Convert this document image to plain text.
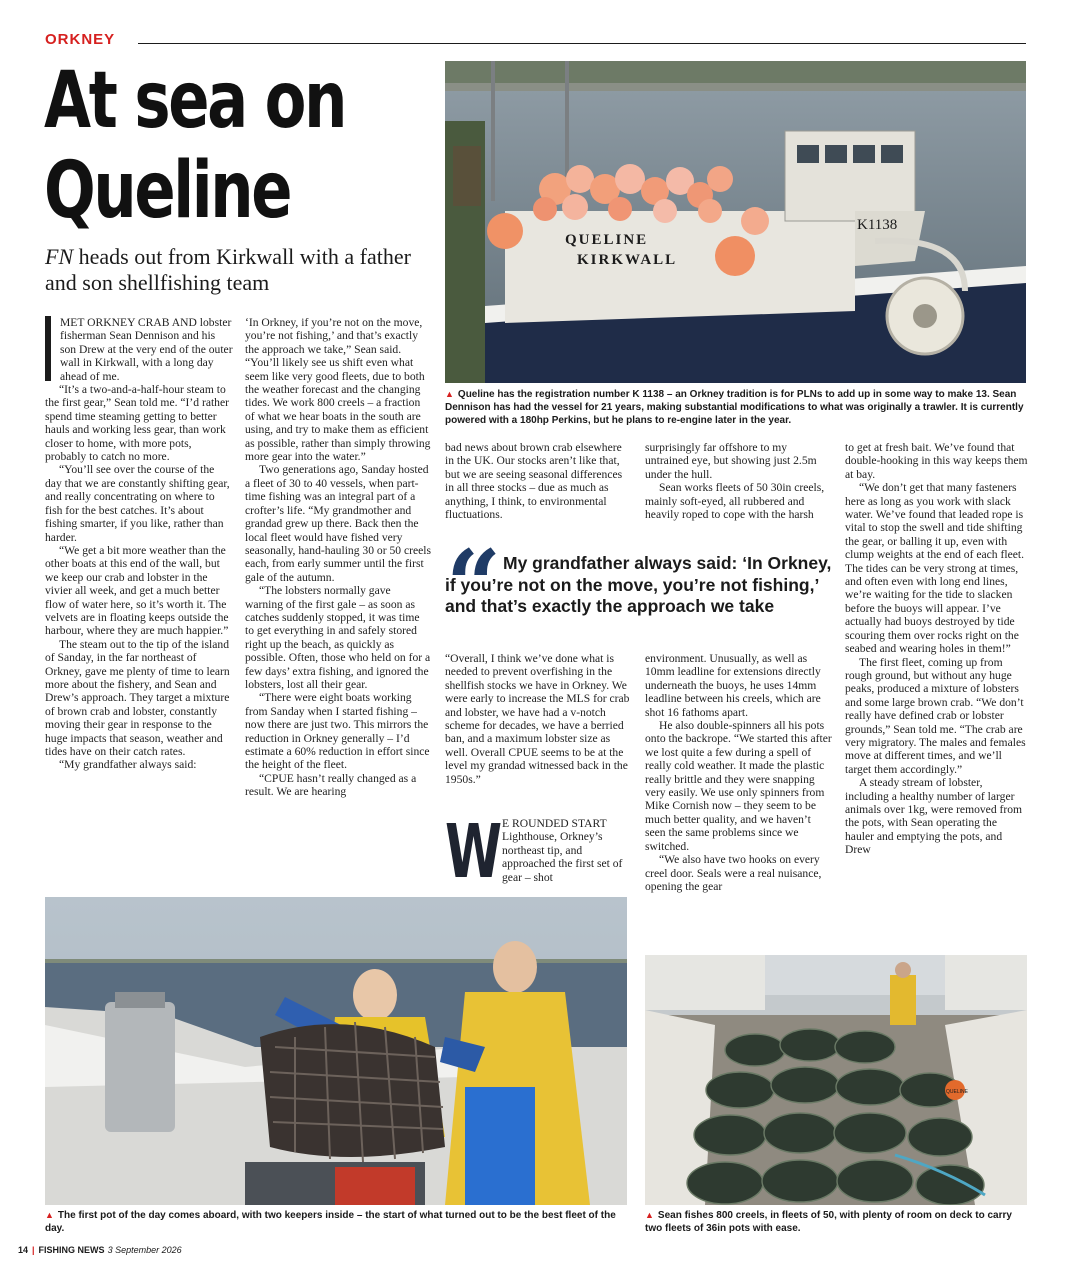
ORKNEY
At sea on
Queline
FN heads out from Kirkwall with a father and son shellfishing team
K1138
QUELINE
KIRKWALL
▲ Queline has the registration number K 1138 – an Orkney tradition is for PLNs to add up in some way to make 13. Sean Dennison has had the vessel for 21 years, making substantial modifications to what was originally a trawler. It is currently powered with a 180hp Perkins, but he plans to re-engine later in the year.

MET ORKNEY CRAB AND lobster fisherman Sean Dennison and his son Drew at the very end of the outer wall in Kirkwall, with a long day ahead of me.

“It’s a two-and-a-half-hour steam to the first gear,” Sean told me. “I’d rather spend time steaming getting to better hauls and working less gear, than work closer to home, with more pots, probably to catch no more.

“You’ll see over the course of the day that we are constantly shifting gear, and really concentrating on where to fish for the best catches. It’s about fishing smarter, if you like, rather than harder.

“We get a bit more weather than the other boats at this end of the wall, but we keep our crab and lobster in the vivier all week, and get a much better flow of water here, so it’s worth it. The velvets are in floating keeps outside the harbour, where they are much happier.”

The steam out to the tip of the island of Sanday, in the far northeast of Orkney, gave me plenty of time to learn more about the fishery, and Sean and Drew’s approach. They target a mixture of brown crab and lobster, constantly moving their gear in response to the huge impacts that season, weather and tides have on their catch rates.

“My grandfather always said:

‘In Orkney, if you’re not on the move, you’re not fishing,’ and that’s exactly the approach we take,” Sean said. “You’ll likely see us shift even what seem like very good fleets, due to both the weather forecast and the changing tides. We work 800 creels – a fraction of what we hear boats in the south are using, and try to make them as efficient as possible, rather than simply throwing more gear into the water.”

Two generations ago, Sanday hosted a fleet of 30 to 40 vessels, when part-time fishing was an integral part of a crofter’s life. “My grandmother and grandad grew up there. Back then the local fleet would have fished very seasonally, hand-hauling 30 or 50 creels each, from early summer until the first gale of the autumn.

“The lobsters normally gave warning of the first gale – as soon as catches suddenly stopped, it was time to get everything in and safely stored right up the beach, as quickly as possible. Often, those who held on for a few days’ extra fishing, and ignored the lobsters, lost all their gear.

“There were eight boats working from Sanday when I started fishing – now there are just two. This mirrors the reduction in Orkney generally – I’d estimate a 60% reduction in effort since the height of the fleet.

“CPUE hasn’t really changed as a result. We are hearing

bad news about brown crab elsewhere in the UK. Our stocks aren’t like that, but we are seeing seasonal differences in all three stocks – due as much as anything, I think, to environmental fluctuations.

surprisingly far offshore to my untrained eye, but showing just 2.5m under the hull.

Sean works fleets of 50 30in creels, mainly soft-eyed, all rubbered and heavily roped to cope with the harsh

“ My grandfather always said: ‘In Orkney, if you’re not on the move, you’re not fishing,’ and that’s exactly the approach we take

“Overall, I think we’ve done what is needed to prevent overfishing in the shellfish stocks we have in Orkney. We were early to increase the MLS for crab and lobster, we have had a v-notch scheme for decades, we have a berried ban, and a maximum lobster size as well. Overall CPUE seems to be at the level my grandad witnessed back in the 1950s.”

W E ROUNDED START Lighthouse, Orkney’s northeast tip, and approached the first set of gear – shot

environment. Unusually, as well as 10mm leadline for extensions directly underneath the buoys, he uses 14mm leadline between his creels, which are shot 16 fathoms apart.

He also double-spinners all his pots onto the backrope. “We started this after we lost quite a few during a spell of really cold weather. It made the plastic really brittle and they were snapping very easily. We use only spinners from Mike Cornish now – they seem to be much better quality, and we haven’t seen the same problems since we switched.

“We also have two hooks on every creel door. Seals were a real nuisance, opening the gear

to get at fresh bait. We’ve found that double-hooking in this way keeps them at bay.

“We don’t get that many fasteners here as long as you work with slack water. We’ve found that leaded rope is vital to stop the swell and tide shifting the gear, or balling it up, even with clump weights at the end of each fleet. The tides can be very strong at times, and often even with long end lines, we’re waiting for the tide to slacken before the buoys will appear. I’ve actually had buoys destroyed by tide scouring them over rocks right on the seabed and wearing holes in them!”

The first fleet, coming up from rough ground, but without any huge peaks, produced a mixture of lobsters and some large brown crab. “We don’t really have defined crab or lobster grounds,” Sean told me. “The crab are very migratory. The males and females move at different times, and we’ll target them accordingly.”

A steady stream of lobster, including a healthy number of larger animals over 1kg, were removed from the pots, with Sean operating the hauler and emptying the pots, and Drew

▲ The first pot of the day comes aboard, with two keepers inside – the start of what turned out to be the best fleet of the day.
QUELINE
▲ Sean fishes 800 creels, in fleets of 50, with plenty of room on deck to carry two fleets of 36in pots with ease.
14 | FISHING NEWS 3 September 2026
